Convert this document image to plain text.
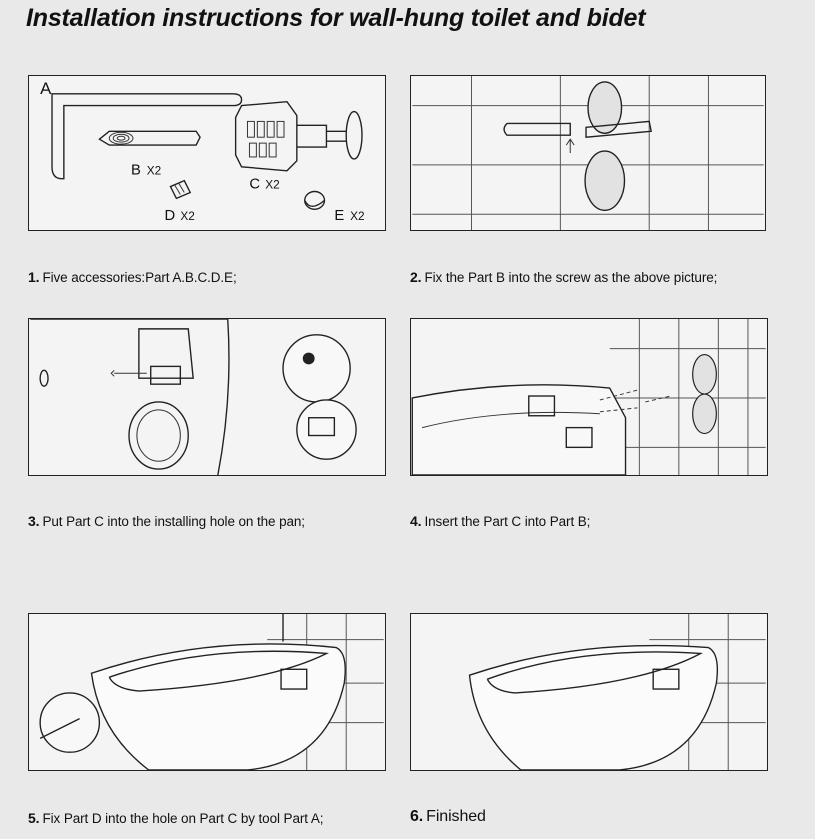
Installation instructions for wall-hung toilet and bidet
A
B X2
C X2
D X2	E X2
1. Five accessories:Part A.B.C.D.E;	2. Fix the Part B into the screw as the above picture;
3. Put Part C into the installing hole on the pan;	4. Insert the Part C into Part B;
5. Fix Part D into the hole on Part C by tool Part A;	6. Finished
